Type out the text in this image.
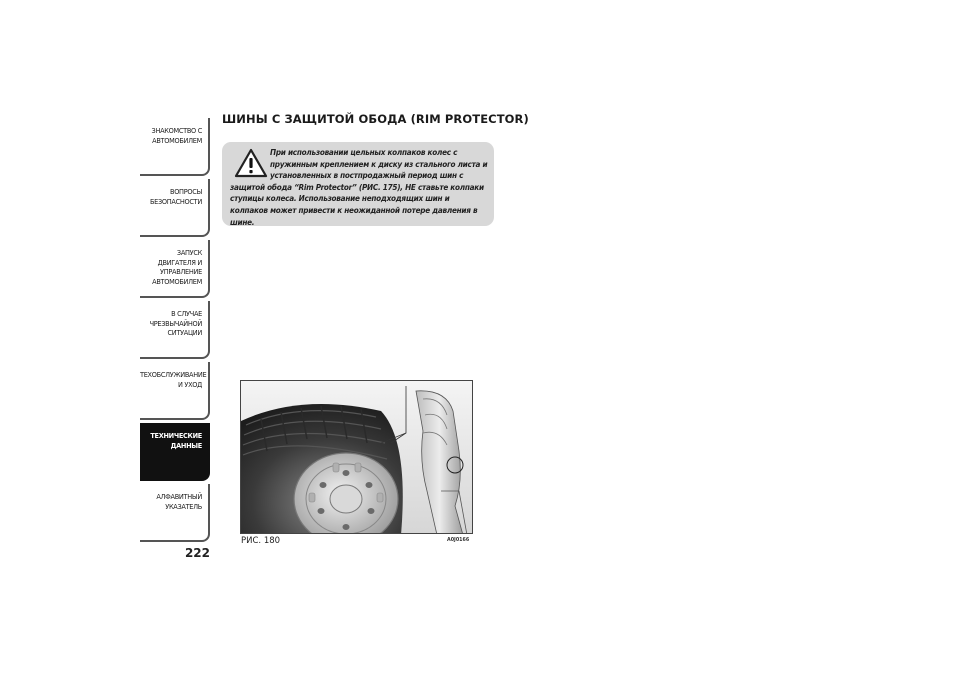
ЗНАКОМСТВО С
АВТОМОБИЛЕМ
ВОПРОСЫ
БЕЗОПАСНОСТИ
ЗАПУСК ДВИГАТЕЛЯ И
УПРАВЛЕНИЕ
АВТОМОБИЛЕМ
В СЛУЧАЕ
ЧРЕЗВЫЧАЙНОЙ
СИТУАЦИИ
ТЕХОБСЛУЖИВАНИЕ
И УХОД
ТЕХНИЧЕСКИЕ
ДАННЫЕ
АЛФАВИТНЫЙ
УКАЗАТЕЛЬ
222
ШИНЫ С ЗАЩИТОЙ ОБОДА (RIM PROTECTOR)
При использовании цельных колпаков колес с пружинным креплением к диску из стального листа и установленных в постпродажный период шин с защитой обода “Rim Protector” (РИС. 175), НЕ ставьте колпаки ступицы колеса. Использование неподходящих шин и колпаков может привести к неожиданной потере давления в шине.
РИС. 180	A0J0166
